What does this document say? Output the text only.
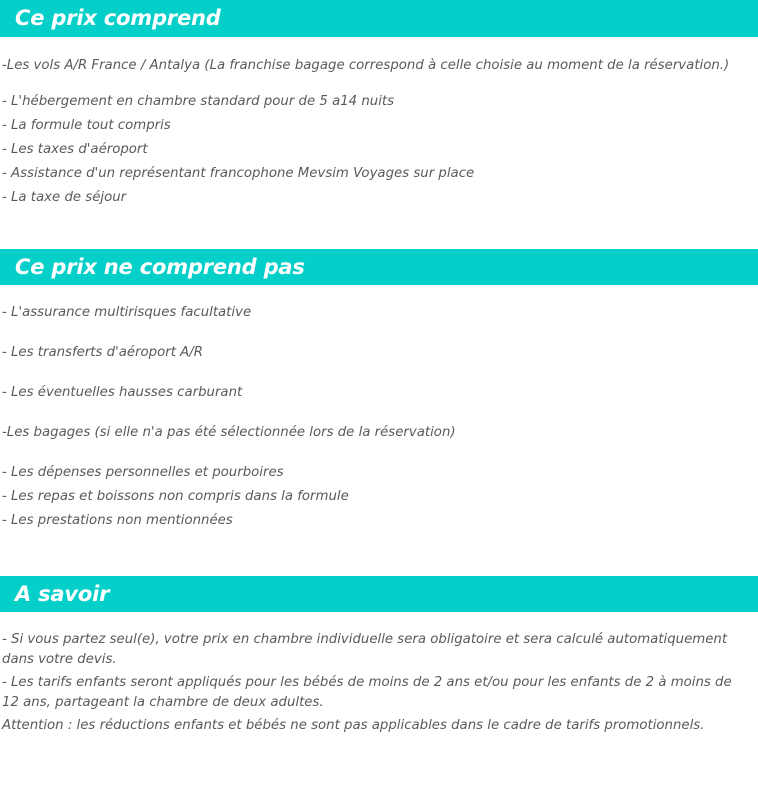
Ce prix comprend
-Les vols A/R France / Antalya (La franchise bagage correspond à celle choisie au moment de la réservation.)
- L'hébergement en chambre standard pour de 5 a14 nuits
- La formule tout compris
- Les taxes d'aéroport
- Assistance d'un représentant francophone Mevsim Voyages sur place
- La taxe de séjour
Ce prix ne comprend pas
- L'assurance multirisques facultative
- Les transferts d'aéroport A/R
- Les éventuelles hausses carburant
-Les bagages (si elle n'a pas été sélectionnée lors de la réservation)
- Les dépenses personnelles et pourboires
- Les repas et boissons non compris dans la formule
- Les prestations non mentionnées
A savoir
- Si vous partez seul(e), votre prix en chambre individuelle sera obligatoire et sera calculé automatiquement dans votre devis.
- Les tarifs enfants seront appliqués pour les bébés de moins de 2 ans et/ou pour les enfants de 2 à moins de 12 ans, partageant la chambre de deux adultes.
Attention : les réductions enfants et bébés ne sont pas applicables dans le cadre de tarifs promotionnels.
